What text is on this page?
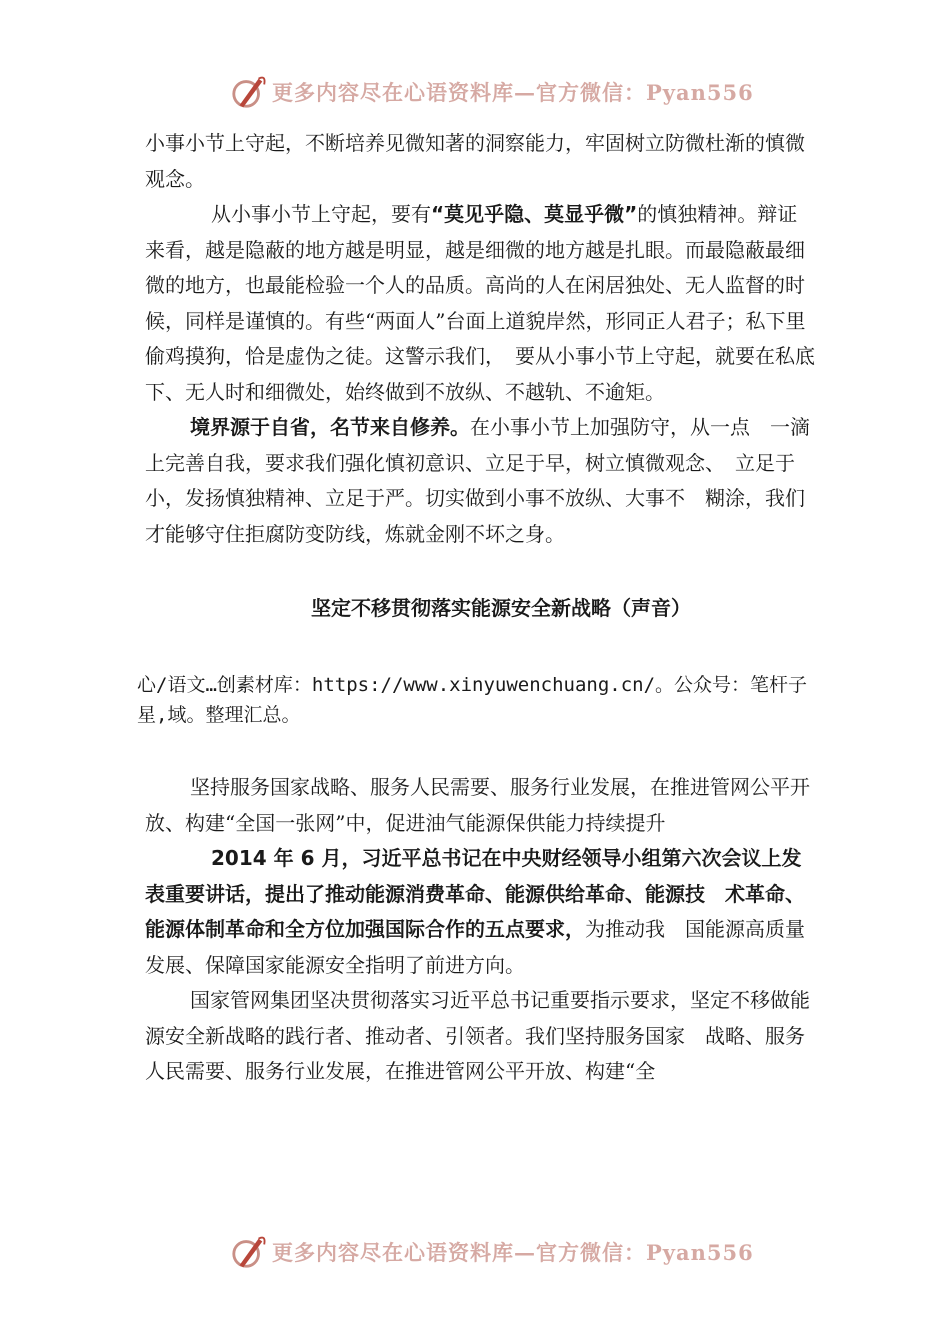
更多内容尽在心语资料库—官方微信：Pyan556

小事小节上守起，不断培养见微知著的洞察能力，牢固树立防微杜渐的慎微观念。

从小事小节上守起，要有“莫见乎隐、莫显乎微”的慎独精神。辩证来看，越是隐蔽的地方越是明显，越是细微的地方越是扎眼。而最隐蔽最细微的地方，也最能检验一个人的品质。高尚的人在闲居独处、无人监督的时候，同样是谨慎的。有些“两面人”台面上道貌岸然，形同正人君子；私下里偷鸡摸狗，恰是虚伪之徒。这警示我们，　要从小事小节上守起，就要在私底下、无人时和细微处，始终做到不放纵、不越轨、不逾矩。

境界源于自省，名节来自修养。在小事小节上加强防守，从一点　一滴上完善自我，要求我们强化慎初意识、立足于早，树立慎微观念、　立足于小，发扬慎独精神、立足于严。切实做到小事不放纵、大事不　糊涂，我们才能够守住拒腐防变防线，炼就金刚不坏之身。

坚定不移贯彻落实能源安全新战略（声音）

心/语文…创素材库：https://www.xinyuwenchuang.cn/。公众号：笔杆子星,域。整理汇总。

坚持服务国家战略、服务人民需要、服务行业发展，在推进管网公平开放、构建“全国一张网”中，促进油气能源保供能力持续提升

2014 年 6 月，习近平总书记在中央财经领导小组第六次会议上发表重要讲话，提出了推动能源消费革命、能源供给革命、能源技　术革命、能源体制革命和全方位加强国际合作的五点要求，为推动我　国能源高质量发展、保障国家能源安全指明了前进方向。

国家管网集团坚决贯彻落实习近平总书记重要指示要求，坚定不移做能源安全新战略的践行者、推动者、引领者。我们坚持服务国家　战略、服务人民需要、服务行业发展，在推进管网公平开放、构建“全

更多内容尽在心语资料库—官方微信：Pyan556
